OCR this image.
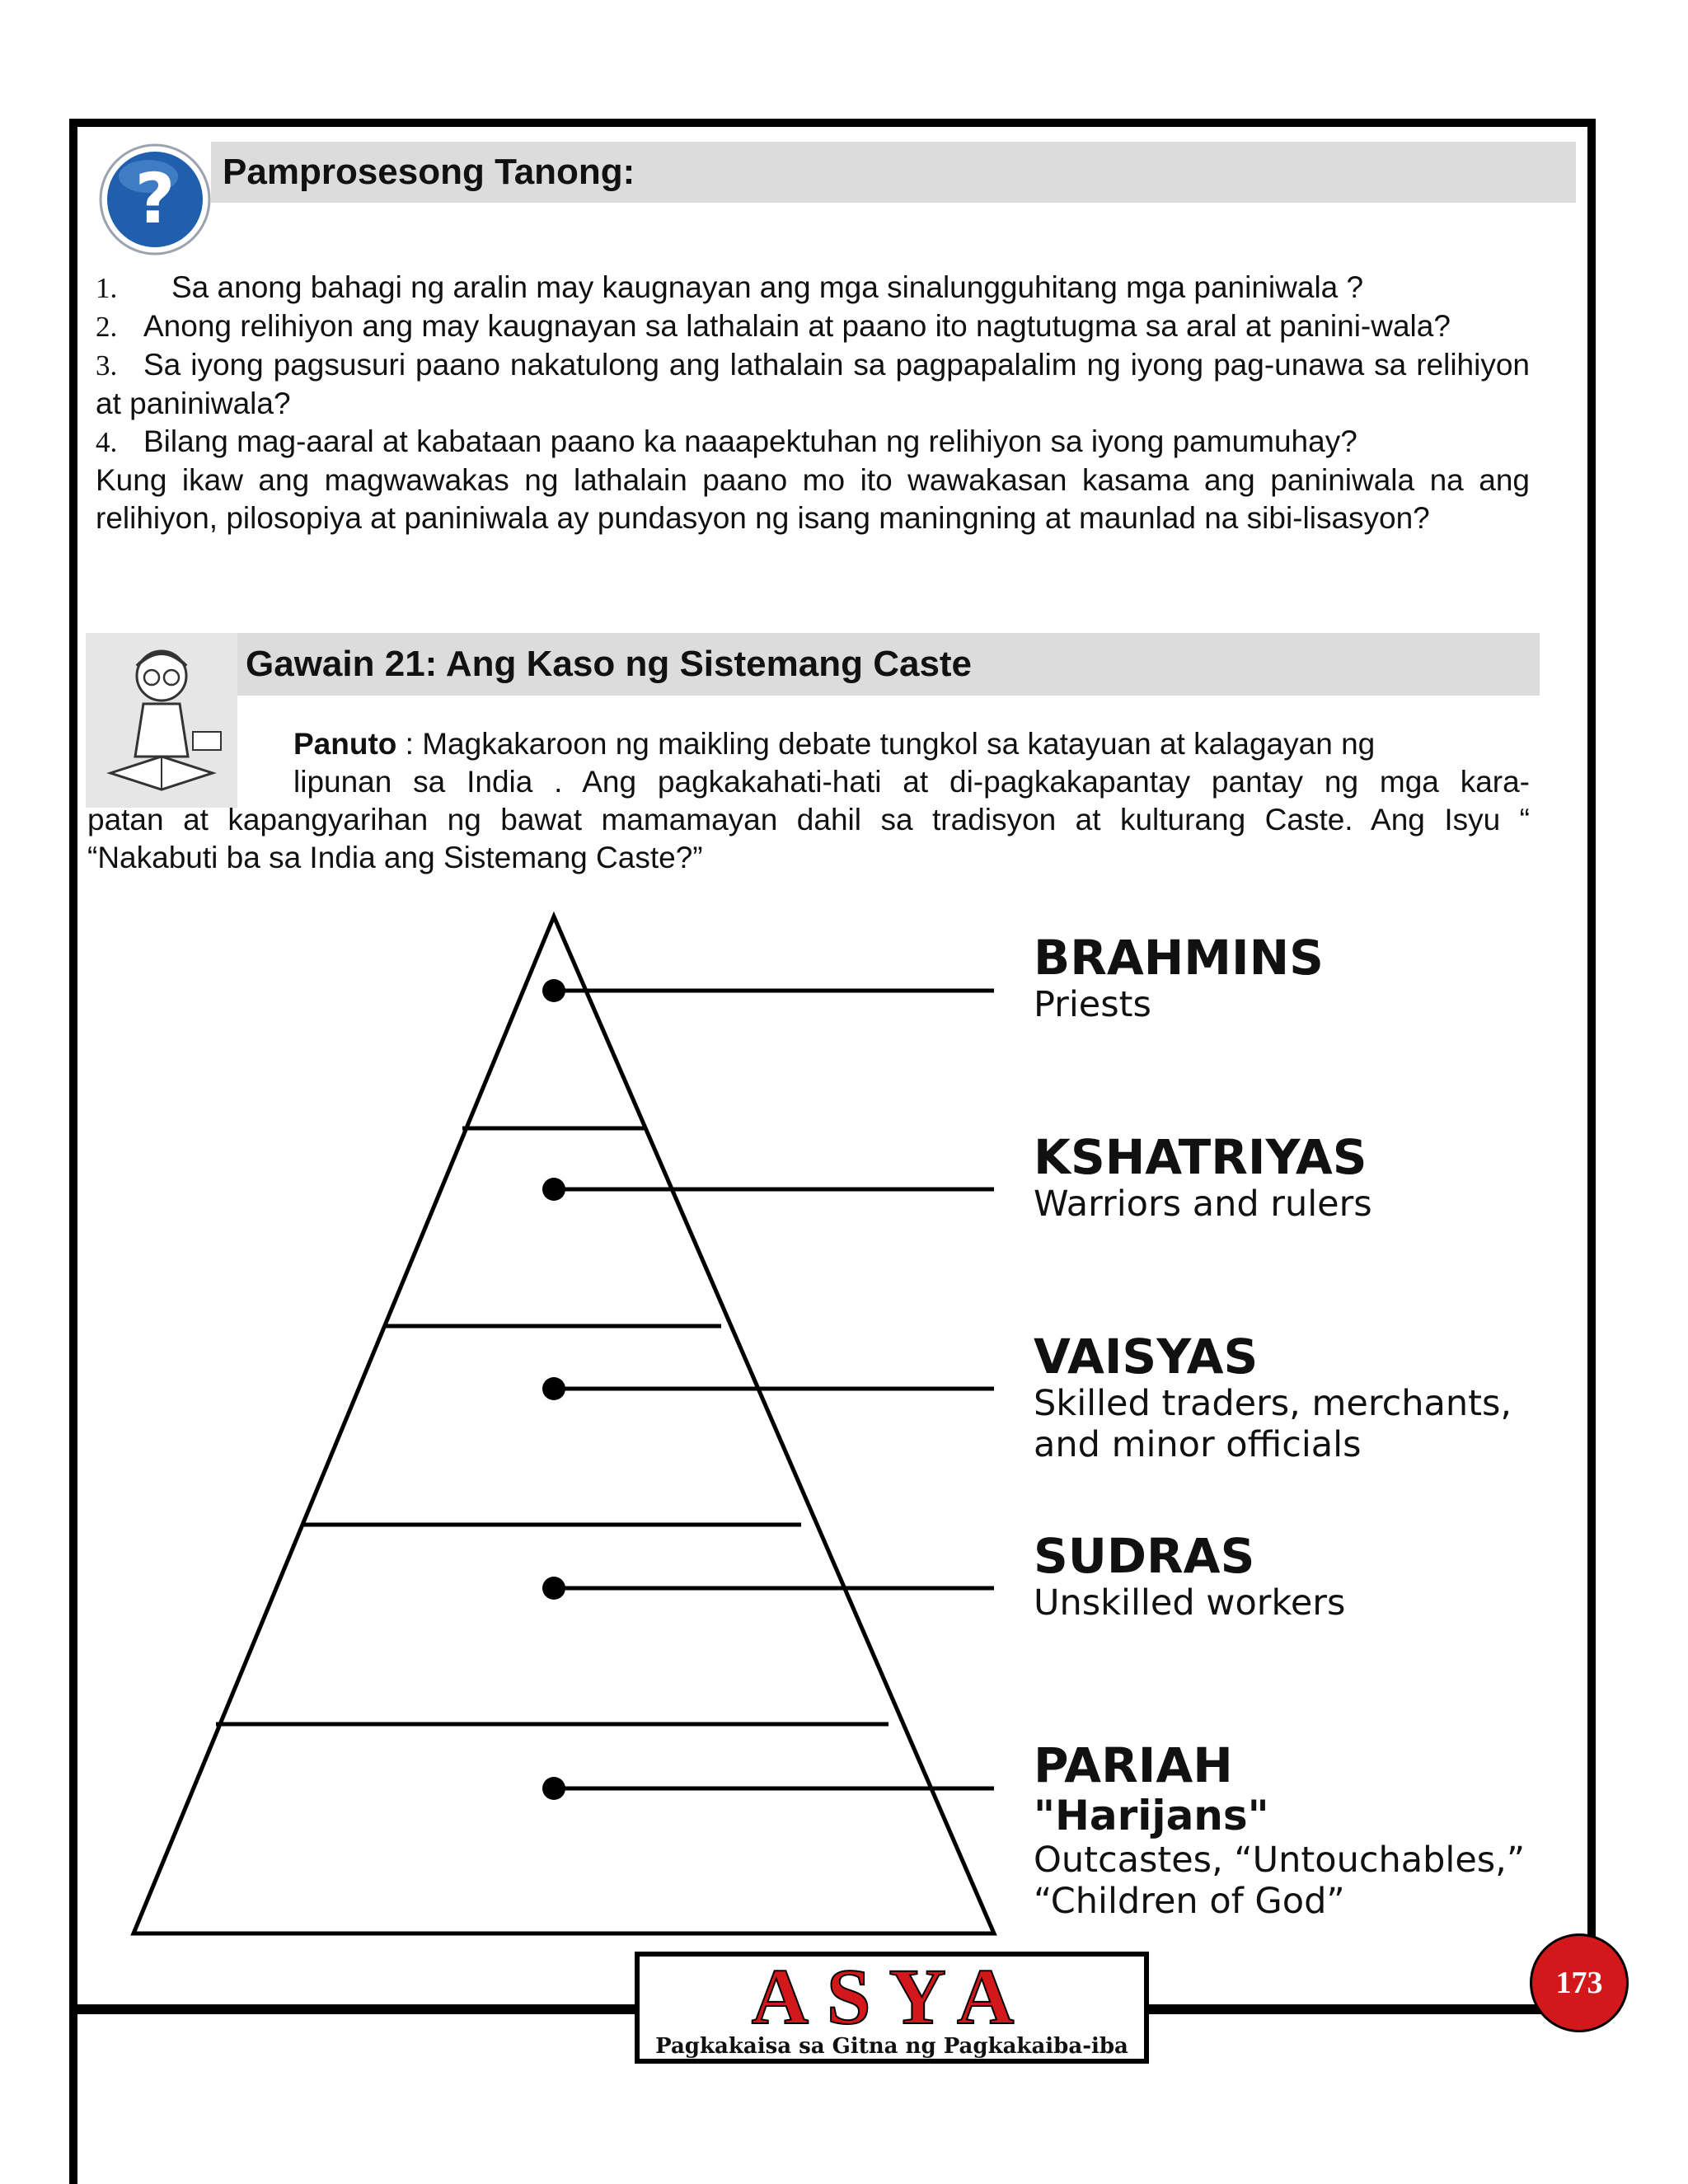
?	Pamprosesong Tanong:

1. Sa anong bahagi ng aralin may kaugnayan ang mga sinalungguhitang mga paniniwala ?

2. Anong relihiyon ang may kaugnayan sa lathalain at paano ito nagtutugma sa aral at panini-wala?

3. Sa iyong pagsusuri paano nakatulong ang lathalain sa pagpapalalim ng iyong pag-unawa sa relihiyon at paniniwala?

4. Bilang mag-aaral at kabataan paano ka naaapektuhan ng relihiyon sa iyong pamumuhay?

Kung ikaw ang magwawakas ng lathalain paano mo ito wawakasan kasama ang paniniwala na ang relihiyon, pilosopiya at paniniwala ay pundasyon ng isang maningning at maunlad na sibi-lisasyon?

Gawain 21: Ang Kaso ng Sistemang Caste

Panuto : Magkakaroon ng maikling debate tungkol sa katayuan at kalagayan ng

lipunan sa India . Ang pagkakahati-hati at di-pagkakapantay pantay ng mga kara-

patan at kapangyarihan ng bawat mamamayan dahil sa tradisyon at kulturang Caste. Ang Isyu “

“Nakabuti ba sa India ang Sistemang Caste?”

BRAHMINS
Priests
KSHATRIYAS
Warriors and rulers
VAISYAS
Skilled traders, merchants,
and minor officials
SUDRAS
Unskilled workers
PARIAH
"Harijans"
Outcastes, “Untouchables,”
“Children of God”
ASYA
Pagkakaisa sa Gitna ng Pagkakaiba-iba
173
